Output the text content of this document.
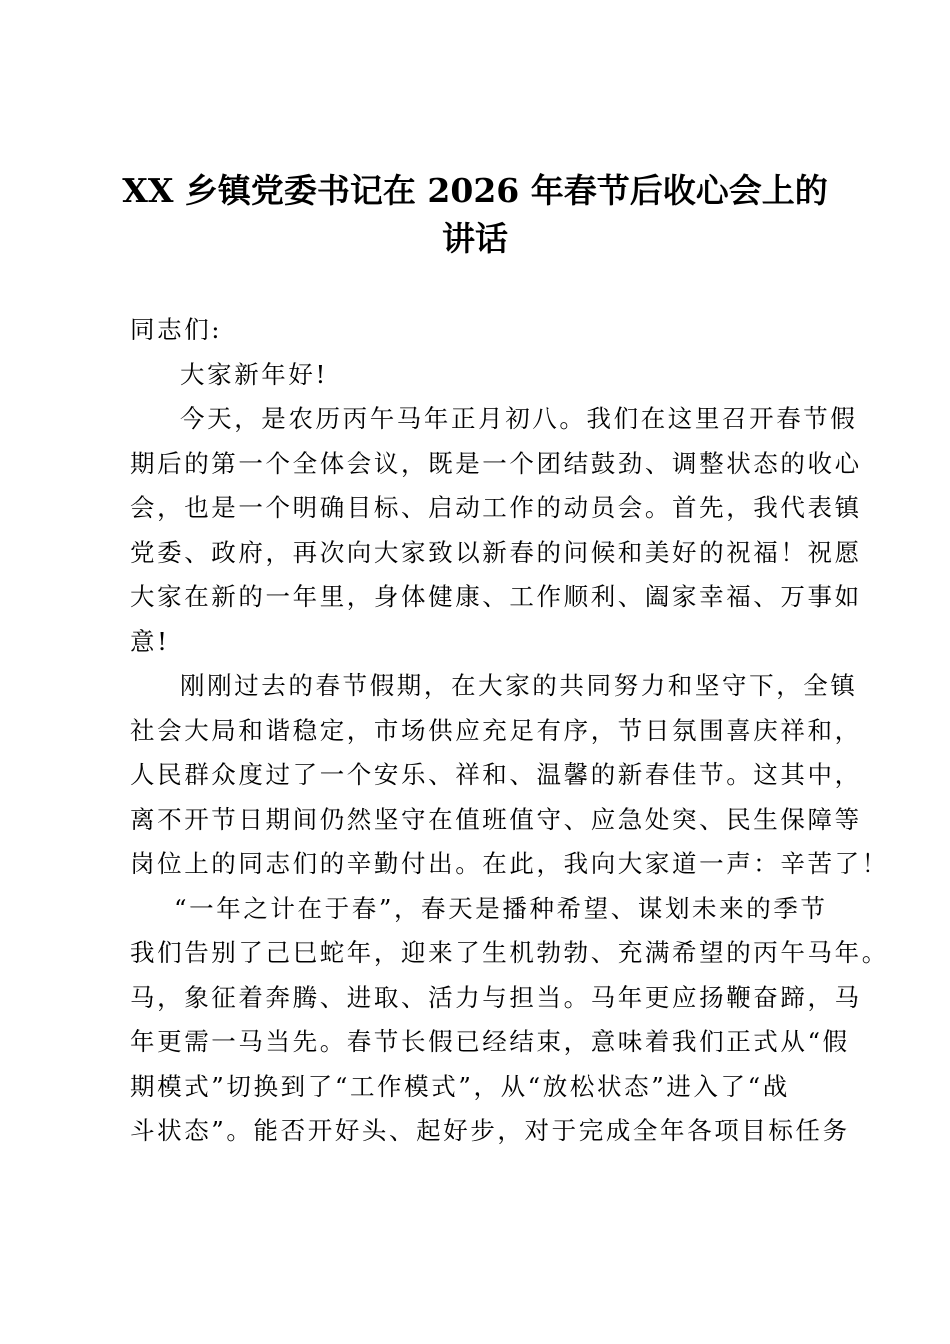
XX 乡镇党委书记在 2026 年春节后收心会上的
讲话
同志们:
大家新年好!
今天，是农历丙午马年正月初八。我们在这里召开春节假
期后的第一个全体会议，既是一个团结鼓劲、调整状态的收心
会，也是一个明确目标、启动工作的动员会。首先，我代表镇
党委、政府，再次向大家致以新春的问候和美好的祝福！祝愿
大家在新的一年里，身体健康、工作顺利、阖家幸福、万事如
意!
刚刚过去的春节假期，在大家的共同努力和坚守下，全镇
社会大局和谐稳定，市场供应充足有序，节日氛围喜庆祥和，
人民群众度过了一个安乐、祥和、温馨的新春佳节。这其中，
离不开节日期间仍然坚守在值班值守、应急处突、民生保障等
岗位上的同志们的辛勤付出。在此，我向大家道一声：辛苦了！
“一年之计在于春”，春天是播种希望、谋划未来的季节
我们告别了己巳蛇年，迎来了生机勃勃、充满希望的丙午马年。
马，象征着奔腾、进取、活力与担当。马年更应扬鞭奋蹄，马
年更需一马当先。春节长假已经结束，意味着我们正式从“假
期模式”切换到了“工作模式”，从“放松状态”进入了“战
斗状态”。能否开好头、起好步，对于完成全年各项目标任务
